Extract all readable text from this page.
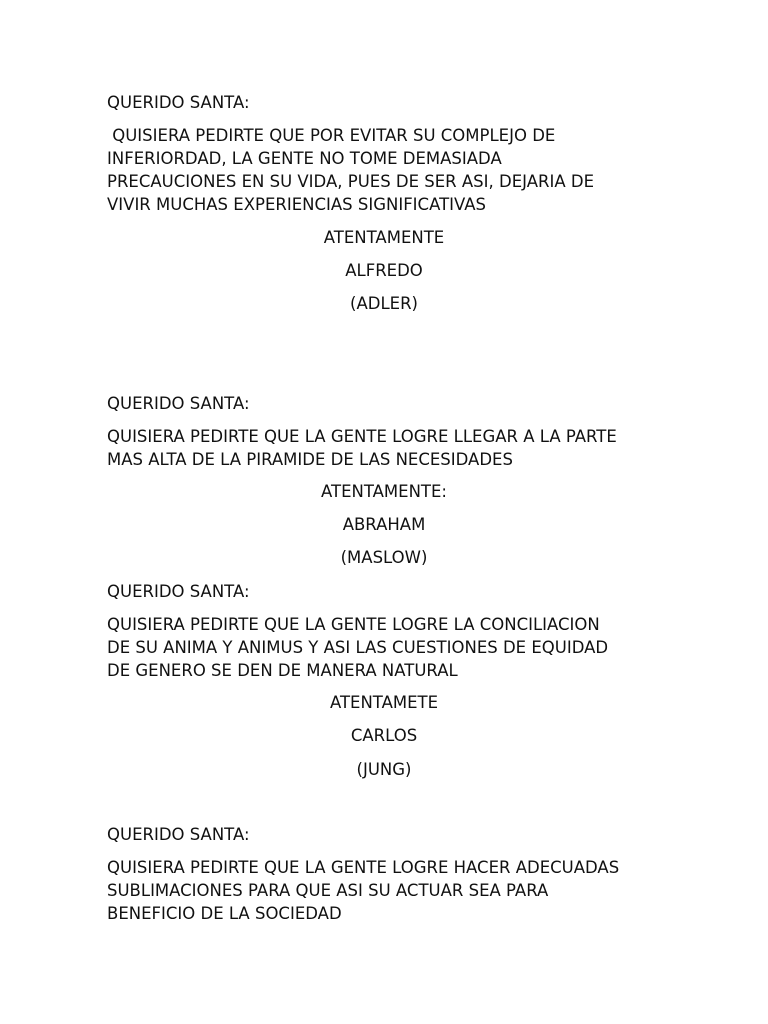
QUERIDO SANTA:

QUISIERA PEDIRTE QUE POR EVITAR SU COMPLEJO DE
INFERIORDAD, LA GENTE NO TOME DEMASIADA
PRECAUCIONES EN SU VIDA, PUES DE SER ASI, DEJARIA DE
VIVIR MUCHAS EXPERIENCIAS SIGNIFICATIVAS

ATENTAMENTE

ALFREDO

(ADLER)

QUERIDO SANTA:

QUISIERA PEDIRTE QUE LA GENTE LOGRE LLEGAR A LA PARTE
MAS ALTA DE LA PIRAMIDE DE LAS NECESIDADES

ATENTAMENTE:

ABRAHAM

(MASLOW)

QUERIDO SANTA:

QUISIERA PEDIRTE QUE LA GENTE LOGRE LA CONCILIACION
DE SU ANIMA Y ANIMUS Y ASI LAS CUESTIONES DE EQUIDAD
DE GENERO SE DEN DE MANERA NATURAL

ATENTAMETE

CARLOS

(JUNG)

QUERIDO SANTA:

QUISIERA PEDIRTE QUE LA GENTE LOGRE HACER ADECUADAS
SUBLIMACIONES PARA QUE ASI SU ACTUAR SEA PARA
BENEFICIO DE LA SOCIEDAD
